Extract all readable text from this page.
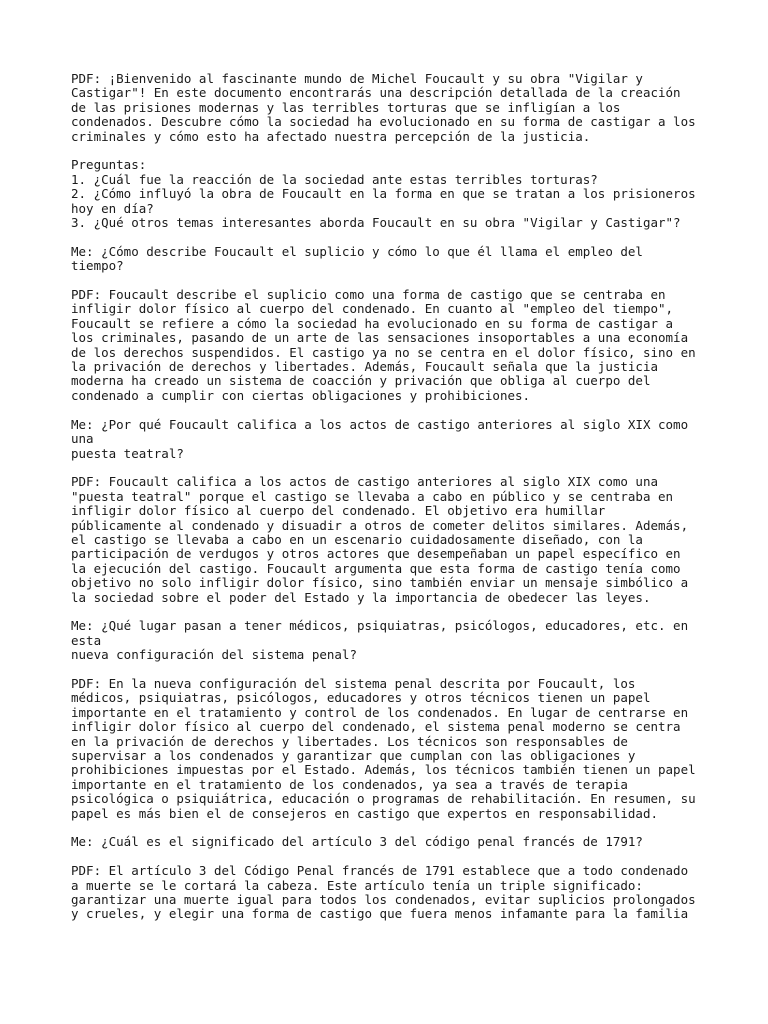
PDF: ¡Bienvenido al fascinante mundo de Michel Foucault y su obra "Vigilar y
Castigar"! En este documento encontrarás una descripción detallada de la creación
de las prisiones modernas y las terribles torturas que se infligían a los
condenados. Descubre cómo la sociedad ha evolucionado en su forma de castigar a los
criminales y cómo esto ha afectado nuestra percepción de la justicia.
Preguntas:
1. ¿Cuál fue la reacción de la sociedad ante estas terribles torturas?
2. ¿Cómo influyó la obra de Foucault en la forma en que se tratan a los prisioneros
hoy en día?
3. ¿Qué otros temas interesantes aborda Foucault en su obra "Vigilar y Castigar"?
Me: ¿Cómo describe Foucault el suplicio y cómo lo que él llama el empleo del
tiempo?
PDF: Foucault describe el suplicio como una forma de castigo que se centraba en
infligir dolor físico al cuerpo del condenado. En cuanto al "empleo del tiempo",
Foucault se refiere a cómo la sociedad ha evolucionado en su forma de castigar a
los criminales, pasando de un arte de las sensaciones insoportables a una economía
de los derechos suspendidos. El castigo ya no se centra en el dolor físico, sino en
la privación de derechos y libertades. Además, Foucault señala que la justicia
moderna ha creado un sistema de coacción y privación que obliga al cuerpo del
condenado a cumplir con ciertas obligaciones y prohibiciones.
Me: ¿Por qué Foucault califica a los actos de castigo anteriores al siglo XIX como
una
puesta teatral?
PDF: Foucault califica a los actos de castigo anteriores al siglo XIX como una
"puesta teatral" porque el castigo se llevaba a cabo en público y se centraba en
infligir dolor físico al cuerpo del condenado. El objetivo era humillar
públicamente al condenado y disuadir a otros de cometer delitos similares. Además,
el castigo se llevaba a cabo en un escenario cuidadosamente diseñado, con la
participación de verdugos y otros actores que desempeñaban un papel específico en
la ejecución del castigo. Foucault argumenta que esta forma de castigo tenía como
objetivo no solo infligir dolor físico, sino también enviar un mensaje simbólico a
la sociedad sobre el poder del Estado y la importancia de obedecer las leyes.
Me: ¿Qué lugar pasan a tener médicos, psiquiatras, psicólogos, educadores, etc. en
esta
nueva configuración del sistema penal?
PDF: En la nueva configuración del sistema penal descrita por Foucault, los
médicos, psiquiatras, psicólogos, educadores y otros técnicos tienen un papel
importante en el tratamiento y control de los condenados. En lugar de centrarse en
infligir dolor físico al cuerpo del condenado, el sistema penal moderno se centra
en la privación de derechos y libertades. Los técnicos son responsables de
supervisar a los condenados y garantizar que cumplan con las obligaciones y
prohibiciones impuestas por el Estado. Además, los técnicos también tienen un papel
importante en el tratamiento de los condenados, ya sea a través de terapia
psicológica o psiquiátrica, educación o programas de rehabilitación. En resumen, su
papel es más bien el de consejeros en castigo que expertos en responsabilidad.
Me: ¿Cuál es el significado del artículo 3 del código penal francés de 1791?
PDF: El artículo 3 del Código Penal francés de 1791 establece que a todo condenado
a muerte se le cortará la cabeza. Este artículo tenía un triple significado:
garantizar una muerte igual para todos los condenados, evitar suplicios prolongados
y crueles, y elegir una forma de castigo que fuera menos infamante para la familia
